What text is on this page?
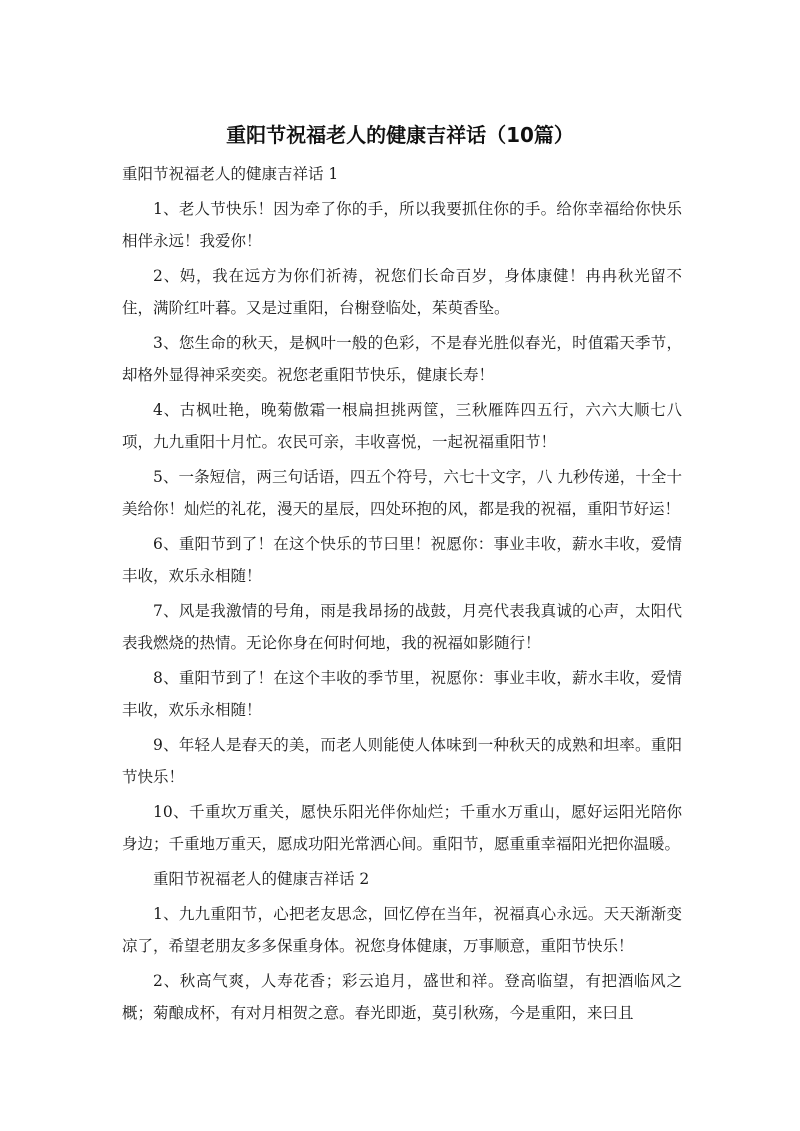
重阳节祝福老人的健康吉祥话（10篇）

重阳节祝福老人的健康吉祥话 1

1、老人节快乐！因为牵了你的手，所以我要抓住你的手。给你幸福给你快乐相伴永远！我爱你！

2、妈，我在远方为你们祈祷，祝您们长命百岁，身体康健！冉冉秋光留不住，满阶红叶暮。又是过重阳，台榭登临处，茱萸香坠。

3、您生命的秋天，是枫叶一般的色彩，不是春光胜似春光，时值霜天季节，却格外显得神采奕奕。祝您老重阳节快乐，健康长寿！

4、古枫吐艳，晚菊傲霜一根扁担挑两筐，三秋雁阵四五行，六六大顺七八项，九九重阳十月忙。农民可亲，丰收喜悦，一起祝福重阳节！

5、一条短信，两三句话语，四五个符号，六七十文字，八 九秒传递，十全十美给你！灿烂的礼花，漫天的星辰，四处环抱的风，都是我的祝福，重阳节好运！

6、重阳节到了！在这个快乐的节曰里！祝愿你：事业丰收，薪水丰收，爱情丰收，欢乐永相随！

7、风是我激情的号角，雨是我昂扬的战鼓，月亮代表我真诚的心声，太阳代表我燃烧的热情。无论你身在何时何地，我的祝福如影随行！

8、重阳节到了！在这个丰收的季节里，祝愿你：事业丰收，薪水丰收，爱情丰收，欢乐永相随！

9、年轻人是春天的美，而老人则能使人体味到一种秋天的成熟和坦率。重阳节快乐！

10、千重坎万重关，愿快乐阳光伴你灿烂；千重水万重山，愿好运阳光陪你身边；千重地万重天，愿成功阳光常洒心间。重阳节，愿重重幸福阳光把你温暖。

重阳节祝福老人的健康吉祥话 2

1、九九重阳节，心把老友思念，回忆停在当年，祝福真心永远。天天渐渐变凉了，希望老朋友多多保重身体。祝您身体健康，万事顺意，重阳节快乐！

2、秋高气爽，人寿花香；彩云追月，盛世和祥。登高临望，有把酒临风之概；菊酿成杯，有对月相贺之意。春光即逝，莫引秋殇，今是重阳，来曰且
